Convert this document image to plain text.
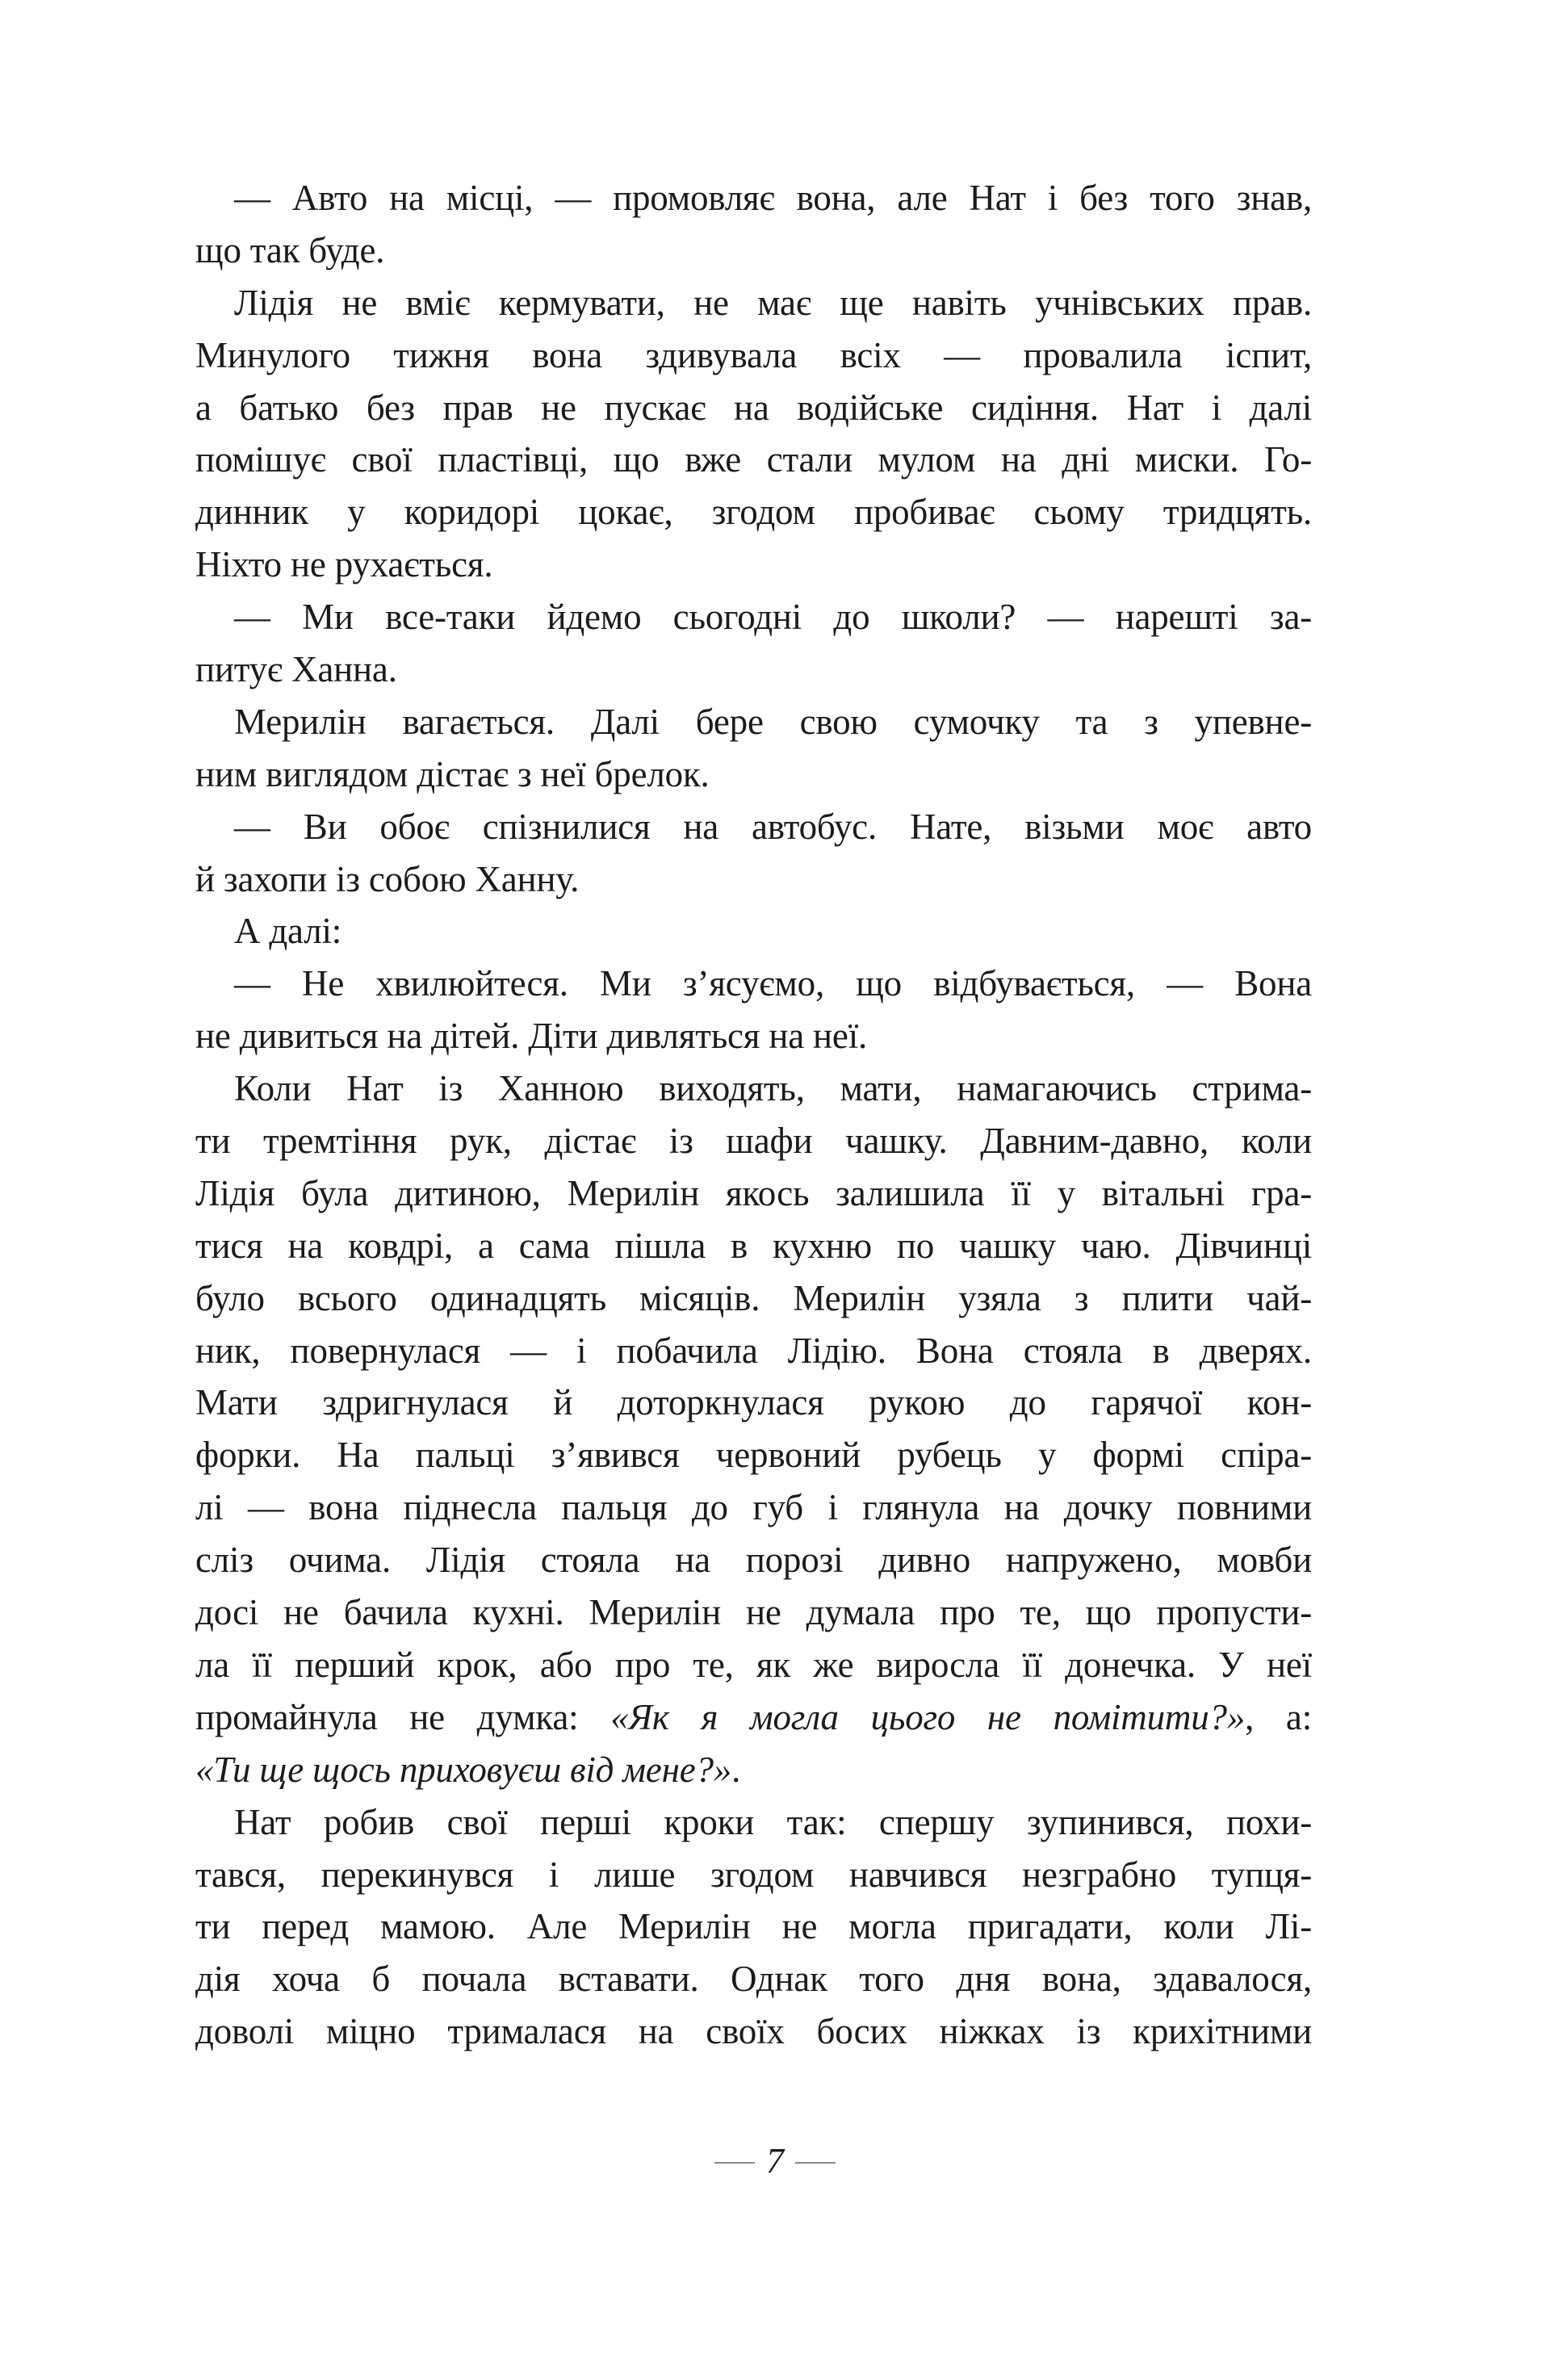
— Авто на місці, — промовляє вона, але Нат і без того знав,
що так буде.
Лідія не вміє кермувати, не має ще навіть учнівських прав.
Минулого тижня вона здивувала всіх — провалила іспит,
а батько без прав не пускає на водійське сидіння. Нат і далі
помішує свої пластівці, що вже стали мулом на дні миски. Го-
динник у коридорі цокає, згодом пробиває сьому тридцять.
Ніхто не рухається.
— Ми все-таки йдемо сьогодні до школи? — нарешті за-
питує Ханна.
Мерилін вагається. Далі бере свою сумочку та з упевне-
ним виглядом дістає з неї брелок.
— Ви обоє спізнилися на автобус. Нате, візьми моє авто
й захопи із собою Ханну.
А далі:
— Не хвилюйтеся. Ми з’ясуємо, що відбувається, — Вона
не дивиться на дітей. Діти дивляться на неї.
Коли Нат із Ханною виходять, мати, намагаючись стрима-
ти тремтіння рук, дістає із шафи чашку. Давним-давно, коли
Лідія була дитиною, Мерилін якось залишила її у вітальні гра-
тися на ковдрі, а сама пішла в кухню по чашку чаю. Дівчинці
було всього одинадцять місяців. Мерилін узяла з плити чай-
ник, повернулася — і побачила Лідію. Вона стояла в дверях.
Мати здригнулася й доторкнулася рукою до гарячої кон-
форки. На пальці з’явився червоний рубець у формі спіра-
лі — вона піднесла пальця до губ і глянула на дочку повними
сліз очима. Лідія стояла на порозі дивно напружено, мовби
досі не бачила кухні. Мерилін не думала про те, що пропусти-
ла її перший крок, або про те, як же виросла її донечка. У неї
промайнула не думка: «Як я могла цього не помітити?», а:
«Ти ще щось приховуєш від мене?».
Нат робив свої перші кроки так: спершу зупинився, похи-
тався, перекинувся і лише згодом навчився незграбно тупця-
ти перед мамою. Але Мерилін не могла пригадати, коли Лі-
дія хоча б почала вставати. Однак того дня вона, здавалося,
доволі міцно трималася на своїх босих ніжках із крихітними
7
